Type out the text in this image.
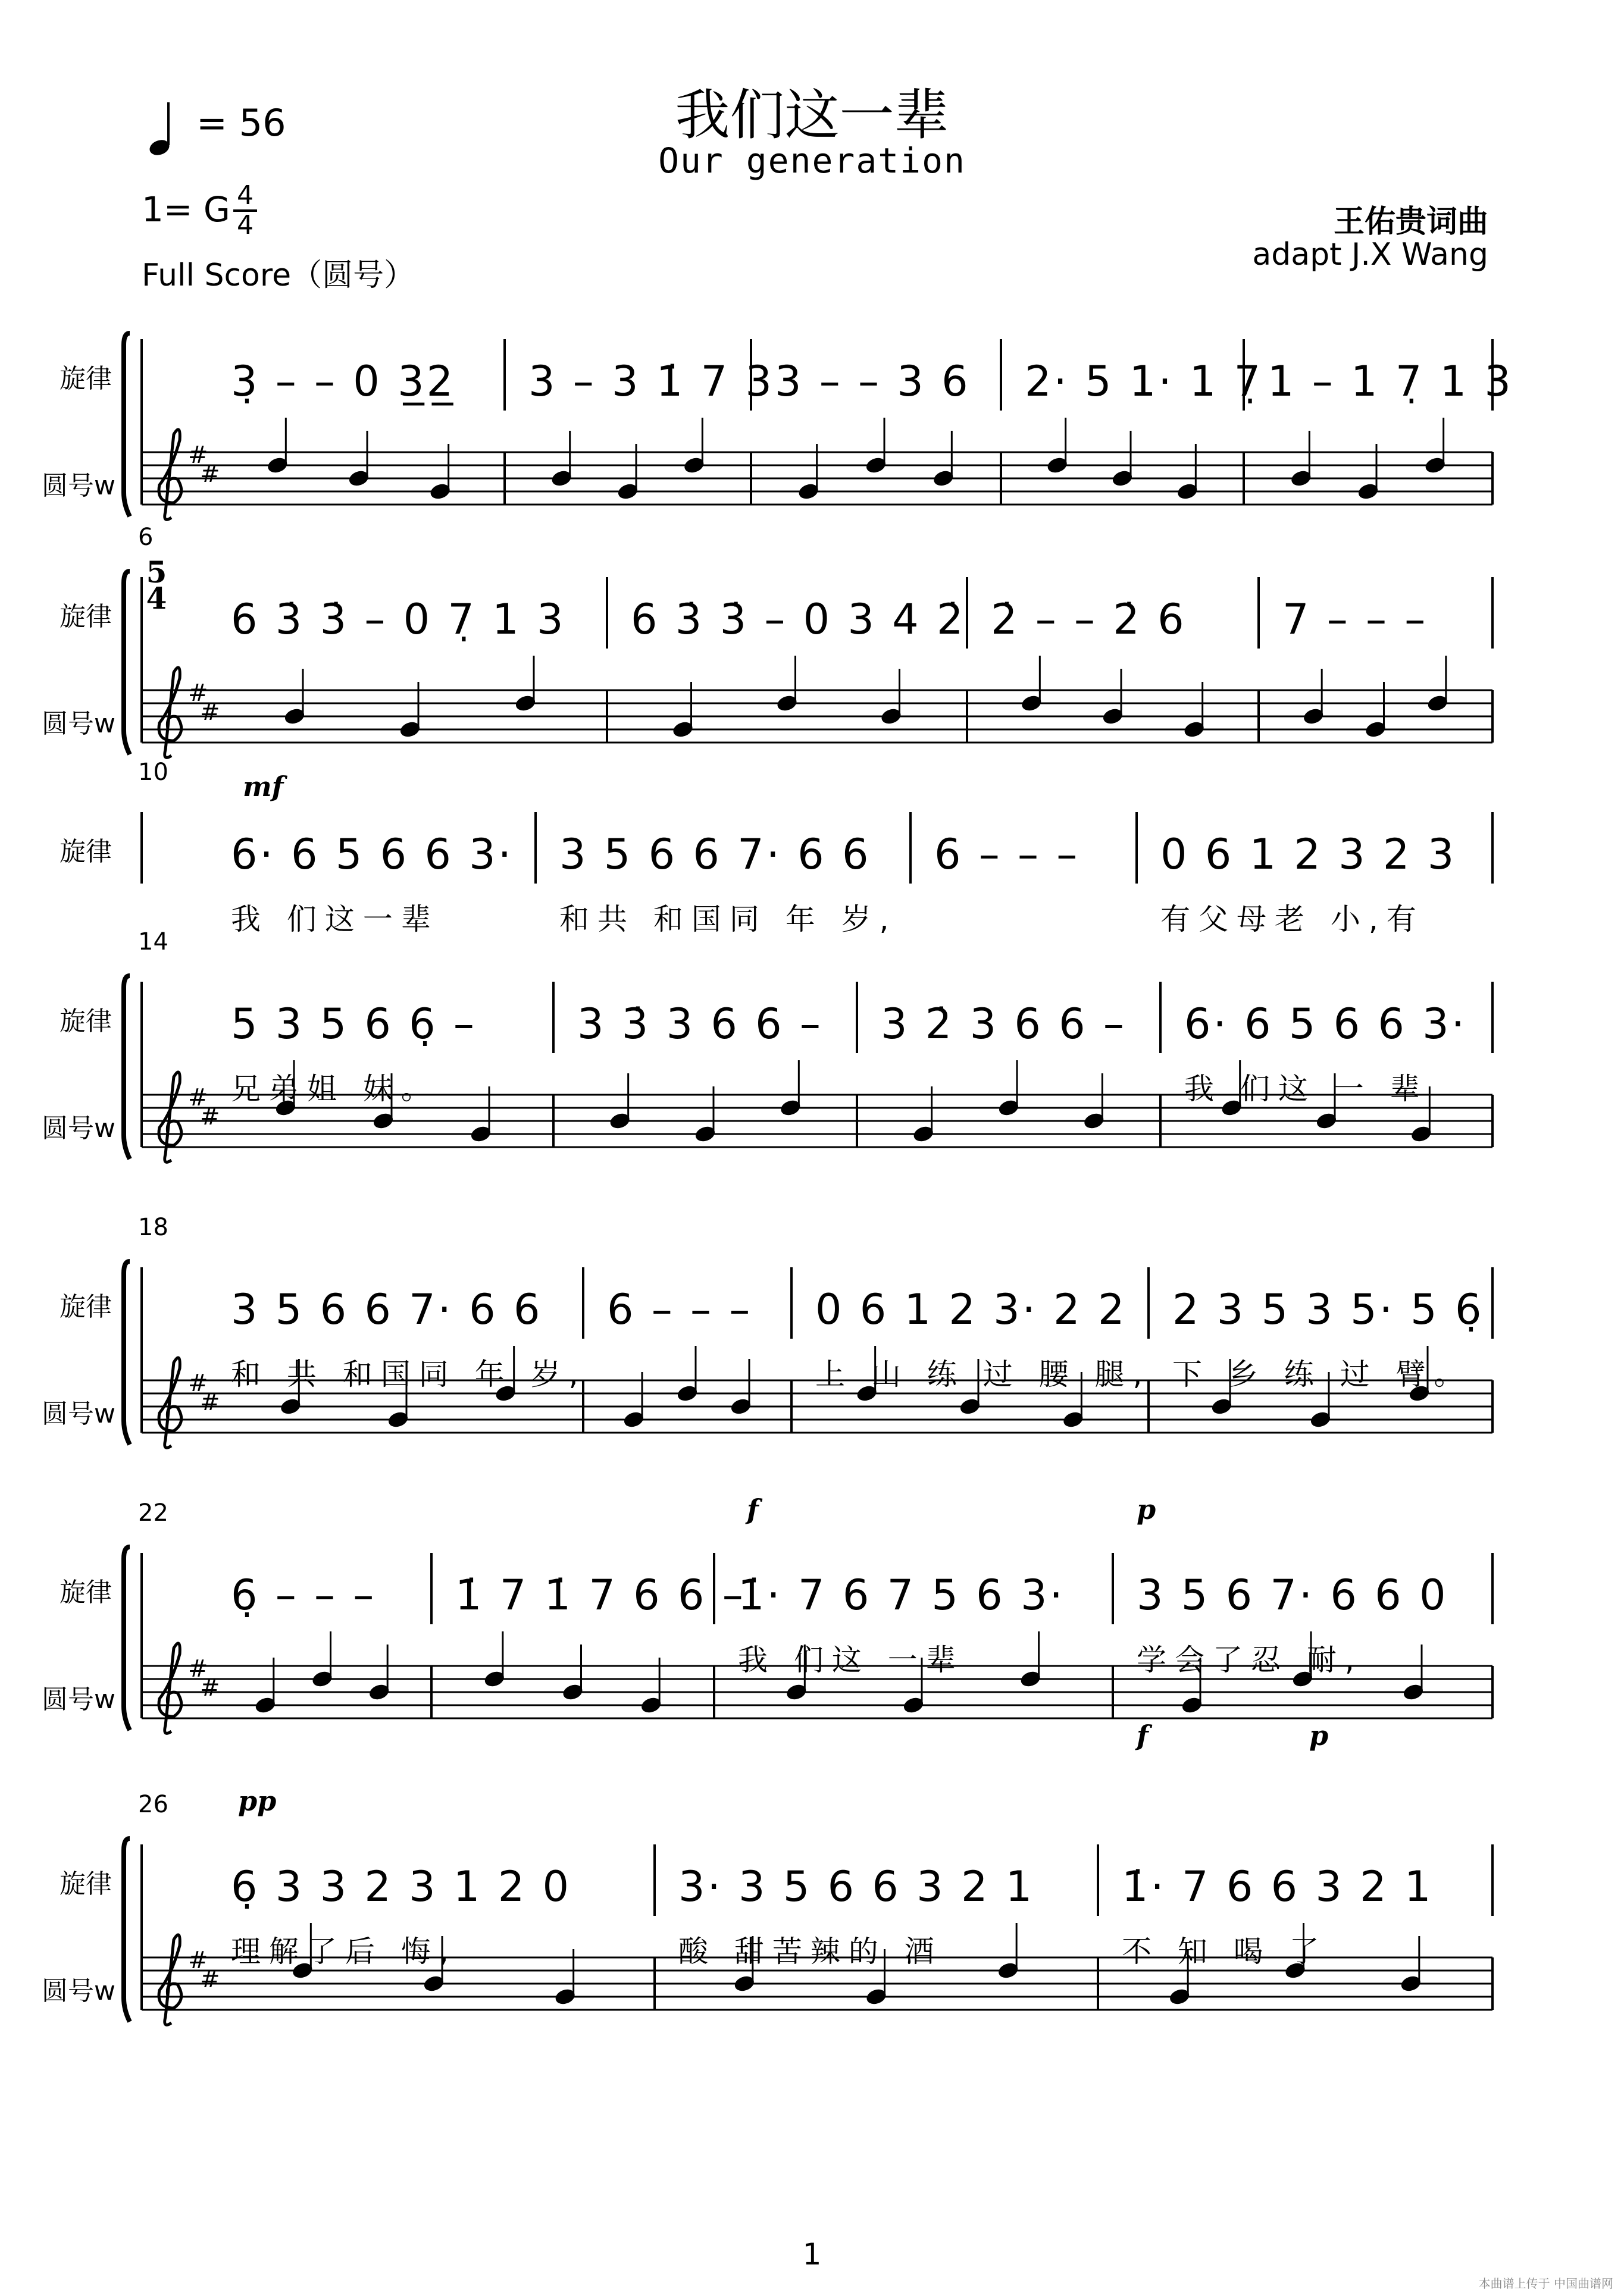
我们这一辈
Our generation
= 56
1= G 4
4
Full Score（圆号）
王佑贵词曲
adapt J.X Wang
#
#
#
#
#
#
#
#
#
#
#
#
旋律
圆号w
3̣ – – 0 3̲2̲	3 – 3 1̇ 7 3 3 – – 3 6	2· 5 1· 1 7̣ 1 – 1 7̣ 1 3
旋律
圆号w
6
6 3̇ 3̇ – 0 7̣ 1 3	6 3̇ 3̇ – 0 3 4 2̇ 2̇ – – 2̇ 6	7 – – –
5
4
旋律
10
6· 6 5 6 6 3· 3 5 6 6 7· 6 6	6 – – –	0 6 1 2 3 2 3
我 们这一辈	和共 和国同 年 岁,	有父母老 小,有
mf
旋律
圆号w
14
5 3 5 6 6̣ –	3 3̇ 3 6 6 –	3 2̇ 3 6 6 –	6· 6 5 6 6 3·
兄弟姐 妹。	我 们这 一 辈
旋律
圆号w
18
3 5 6 6 7· 6 6	6 – – –	0 6 1 2 3· 2 2 2 3 5 3 5· 5 6̣
和 共 和国同 年 岁,	上 山 练 过 腰 腿, 下 乡 练 过 臂。
旋律
圆号w
22
6̣ – – –	1̇ 7 1̇ 7 6 6 –
1̇· 7 6 7 5 6 3·	3 5 6 7· 6 6 0
我 们这 一辈	学会了忍 耐,
f	p
旋律
圆号w
26
6̣ 3 3 2 3 1 2 0	3· 3 5 6 6 3 2 1	1̇· 7 6 6 3 2 1
理解了后 悔,	酸 甜苦辣的 酒	不 知 喝 了
pp
f	p
1
本曲谱上传于 中国曲谱网
